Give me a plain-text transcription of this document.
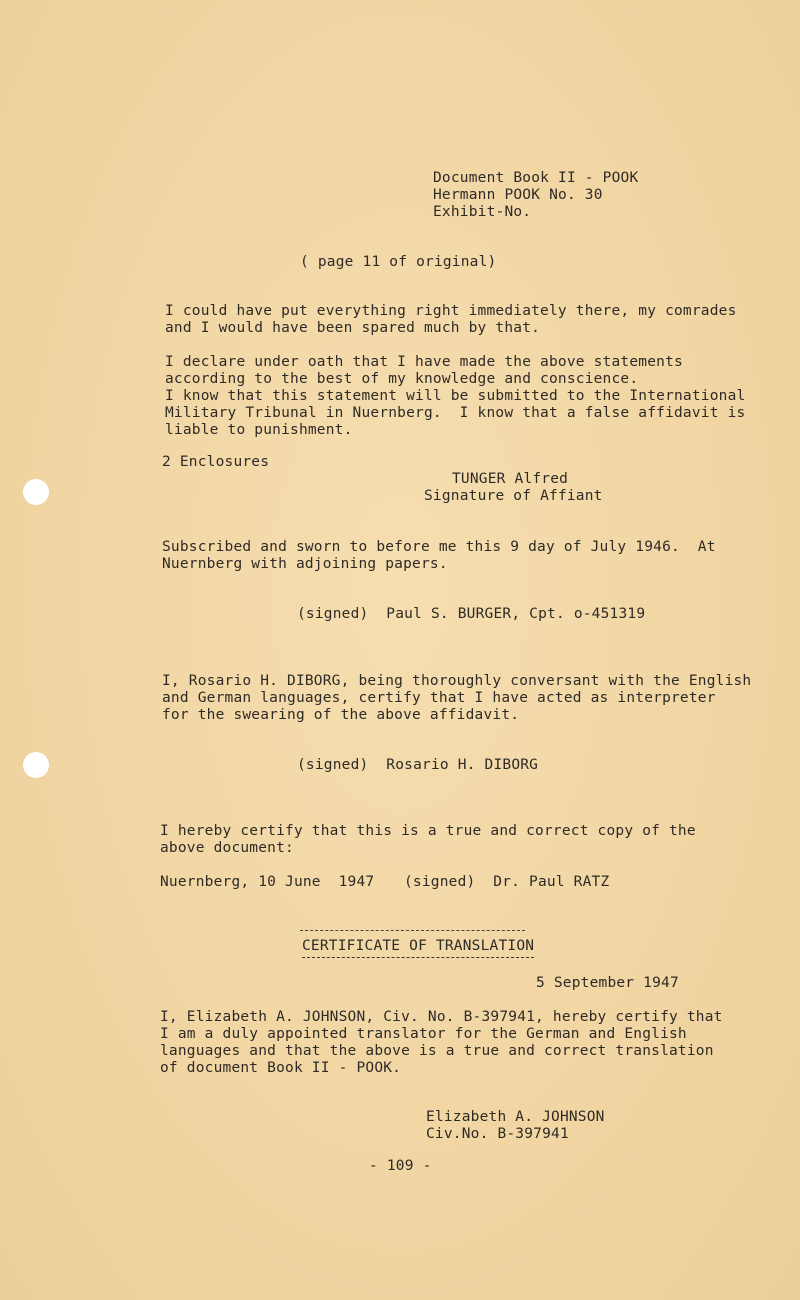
Document Book II - POOK
Hermann POOK No. 30
Exhibit-No.
( page 11 of original)
I could have put everything right immediately there, my comrades
and I would have been spared much by that.
I declare under oath that I have made the above statements
according to the best of my knowledge and conscience.
I know that this statement will be submitted to the International
Military Tribunal in Nuernberg.  I know that a false affidavit is
liable to punishment.
2 Enclosures
TUNGER Alfred
Signature of Affiant
Subscribed and sworn to before me this 9 day of July 1946.  At
Nuernberg with adjoining papers.
(signed)  Paul S. BURGER, Cpt. o-451319
I, Rosario H. DIBORG, being thoroughly conversant with the English
and German languages, certify that I have acted as interpreter
for the swearing of the above affidavit.
(signed)  Rosario H. DIBORG
I hereby certify that this is a true and correct copy of the
above document:
Nuernberg, 10 June  1947 (signed)  Dr. Paul RATZ
CERTIFICATE OF TRANSLATION
5 September 1947
I, Elizabeth A. JOHNSON, Civ. No. B-397941, hereby certify that
I am a duly appointed translator for the German and English
languages and that the above is a true and correct translation
of document Book II - POOK.
Elizabeth A. JOHNSON
Civ.No. B-397941
- 109 -
